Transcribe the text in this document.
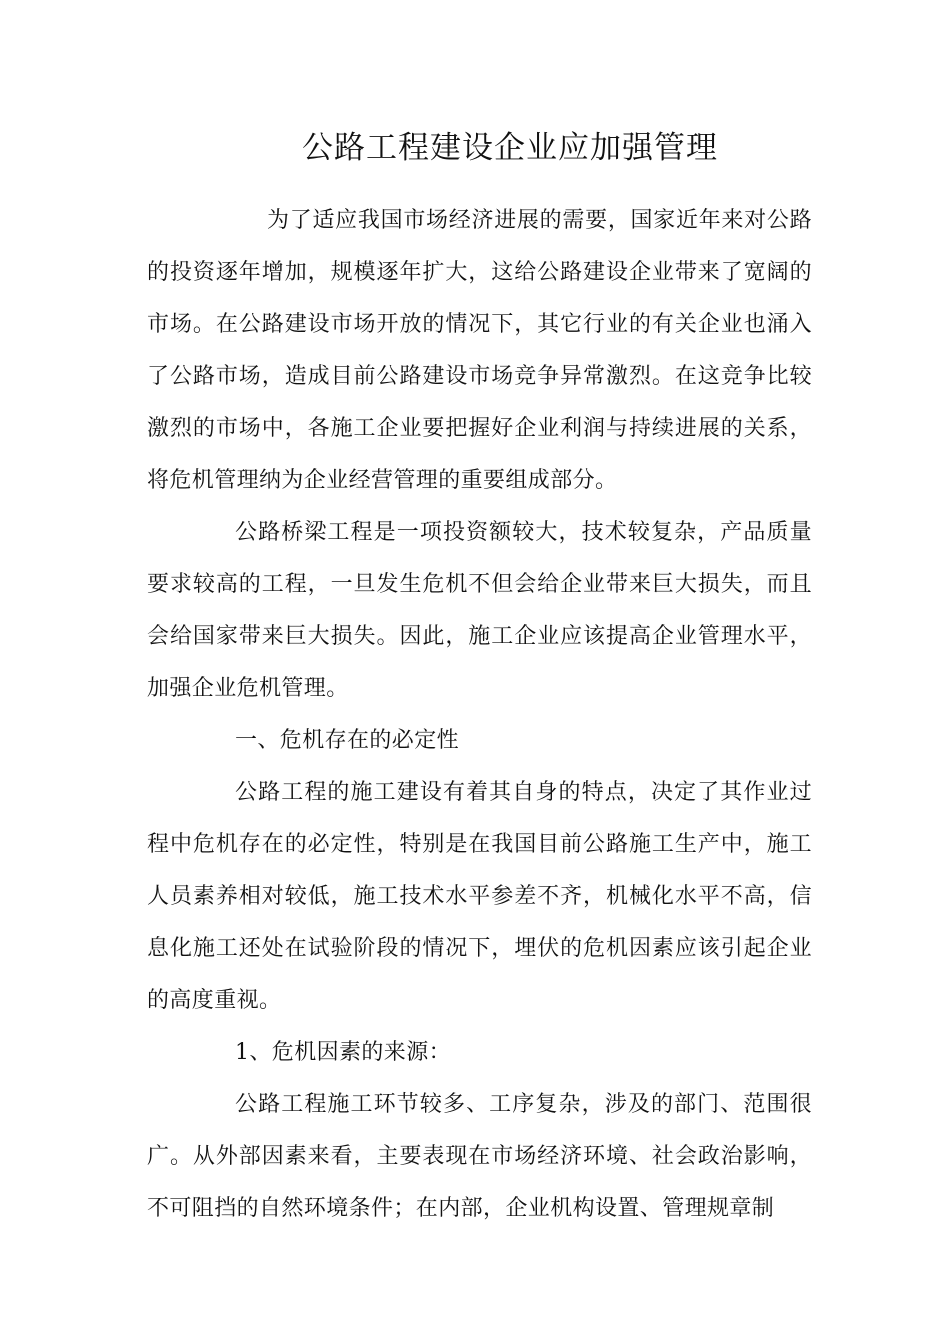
公路工程建设企业应加强管理

为了适应我国市场经济进展的需要，国家近年来对公路的投资逐年增加，规模逐年扩大，这给公路建设企业带来了宽阔的市场。在公路建设市场开放的情况下，其它行业的有关企业也涌入了公路市场，造成目前公路建设市场竞争异常激烈。在这竞争比较激烈的市场中，各施工企业要把握好企业利润与持续进展的关系，将危机管理纳为企业经营管理的重要组成部分。

公路桥梁工程是一项投资额较大，技术较复杂，产品质量要求较高的工程，一旦发生危机不但会给企业带来巨大损失，而且会给国家带来巨大损失。因此，施工企业应该提高企业管理水平，加强企业危机管理。

一、危机存在的必定性

公路工程的施工建设有着其自身的特点，决定了其作业过程中危机存在的必定性，特别是在我国目前公路施工生产中，施工人员素养相对较低，施工技术水平参差不齐，机械化水平不高，信息化施工还处在试验阶段的情况下，埋伏的危机因素应该引起企业的高度重视。

1、危机因素的来源：

公路工程施工环节较多、工序复杂，涉及的部门、范围很广。从外部因素来看，主要表现在市场经济环境、社会政治影响，不可阻挡的自然环境条件；在内部，企业机构设置、管理规章制
